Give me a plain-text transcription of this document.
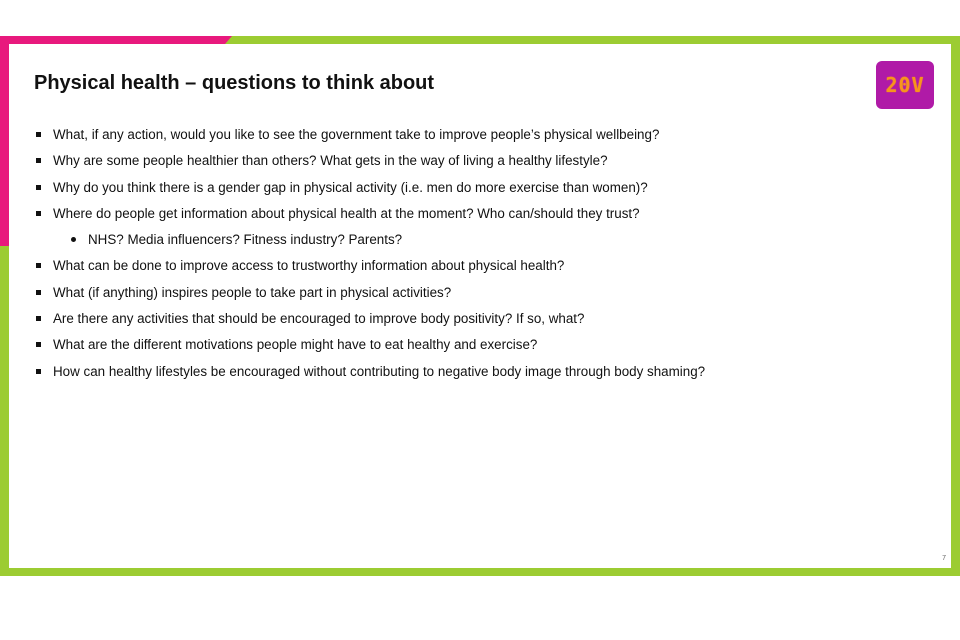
Physical health – questions to think about	20V
What, if any action, would you like to see the government take to improve people’s physical wellbeing?
Why are some people healthier than others? What gets in the way of living a healthy lifestyle?
Why do you think there is a gender gap in physical activity (i.e. men do more exercise than women)?
Where do people get information about physical health at the moment? Who can/should they trust?
NHS? Media influencers? Fitness industry? Parents?
What can be done to improve access to trustworthy information about physical health?
What (if anything) inspires people to take part in physical activities?
Are there any activities that should be encouraged to improve body positivity? If so, what?
What are the different motivations people might have to eat healthy and exercise?
How can healthy lifestyles be encouraged without contributing to negative body image through body shaming?
7
